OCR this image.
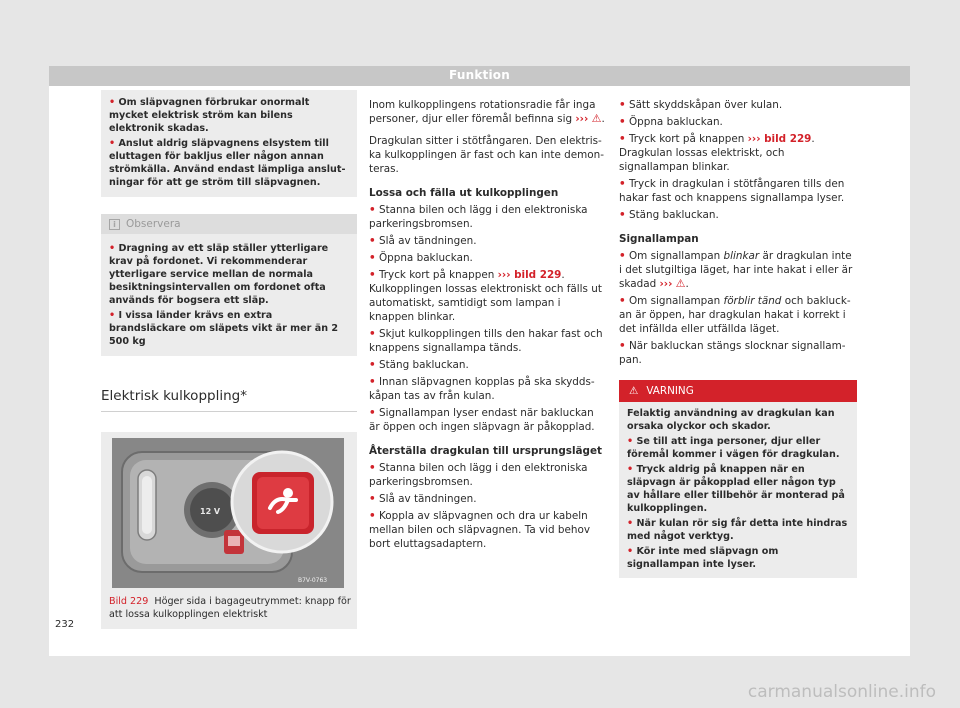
Funktion

• Om släpvagnen förbrukar onormalt mycket elektrisk ström kan bilens elektronik skadas.

• Anslut aldrig släpvagnens elsystem till eluttagen för bakljus eller någon annan strömkälla. Använd endast lämpliga anslutningar för att ge ström till släpvagnen.

i Observera

• Dragning av ett släp ställer ytterligare krav på fordonet. Vi rekommenderar ytterligare service mellan de normala besiktningsintervallen om fordonet ofta används för bogsera ett släp.

• I vissa länder krävs en extra brandsläckare om släpets vikt är mer än 2 500 kg

Elektrisk kulkoppling*
12 V
B7V-0763
Bild 229 Höger sida i bagageutrymmet: knapp för att lossa kulkopplingen elektriskt

Inom kulkopplingens rotationsradie får inga personer, djur eller föremål befinna sig ››› ⚠.

Dragkulan sitter i stötfångaren. Den elektriska kulkopplingen är fast och kan inte demonteras.

Lossa och fälla ut kulkopplingen

• Stanna bilen och lägg i den elektroniska parkeringsbromsen.

• Slå av tändningen.

• Öppna bakluckan.

• Tryck kort på knappen ››› bild 229. Kulkopplingen lossas elektroniskt och fälls ut automatiskt, samtidigt som lampan i knappen blinkar.

• Skjut kulkopplingen tills den hakar fast och knappens signallampa tänds.

• Stäng bakluckan.

• Innan släpvagnen kopplas på ska skyddskåpan tas av från kulan.

• Signallampan lyser endast när bakluckan är öppen och ingen släpvagn är påkopplad.

Återställa dragkulan till ursprungsläget

• Stanna bilen och lägg i den elektroniska parkeringsbromsen.

• Slå av tändningen.

• Koppla av släpvagnen och dra ur kabeln mellan bilen och släpvagnen. Ta vid behov bort eluttagsadaptern.

• Sätt skyddskåpan över kulan.

• Öppna bakluckan.

• Tryck kort på knappen ››› bild 229. Dragkulan lossas elektriskt, och signallampan blinkar.

• Tryck in dragkulan i stötfångaren tills den hakar fast och knappens signallampa lyser.

• Stäng bakluckan.

Signallampan

• Om signallampan blinkar är dragkulan inte i det slutgiltiga läget, har inte hakat i eller är skadad ››› ⚠.

• Om signallampan förblir tänd och bakluckan är öppen, har dragkulan hakat i korrekt i det infällda eller utfällda läget.

• När bakluckan stängs slocknar signallampan.

⚠ VARNING

Felaktig användning av dragkulan kan orsaka olyckor och skador.

• Se till att inga personer, djur eller föremål kommer i vägen för dragkulan.

• Tryck aldrig på knappen när en släpvagn är påkopplad eller någon typ av hållare eller tillbehör är monterad på kulkopplingen.

• När kulan rör sig får detta inte hindras med något verktyg.

• Kör inte med släpvagn om signallampan inte lyser.

232
carmanualsonline.info
